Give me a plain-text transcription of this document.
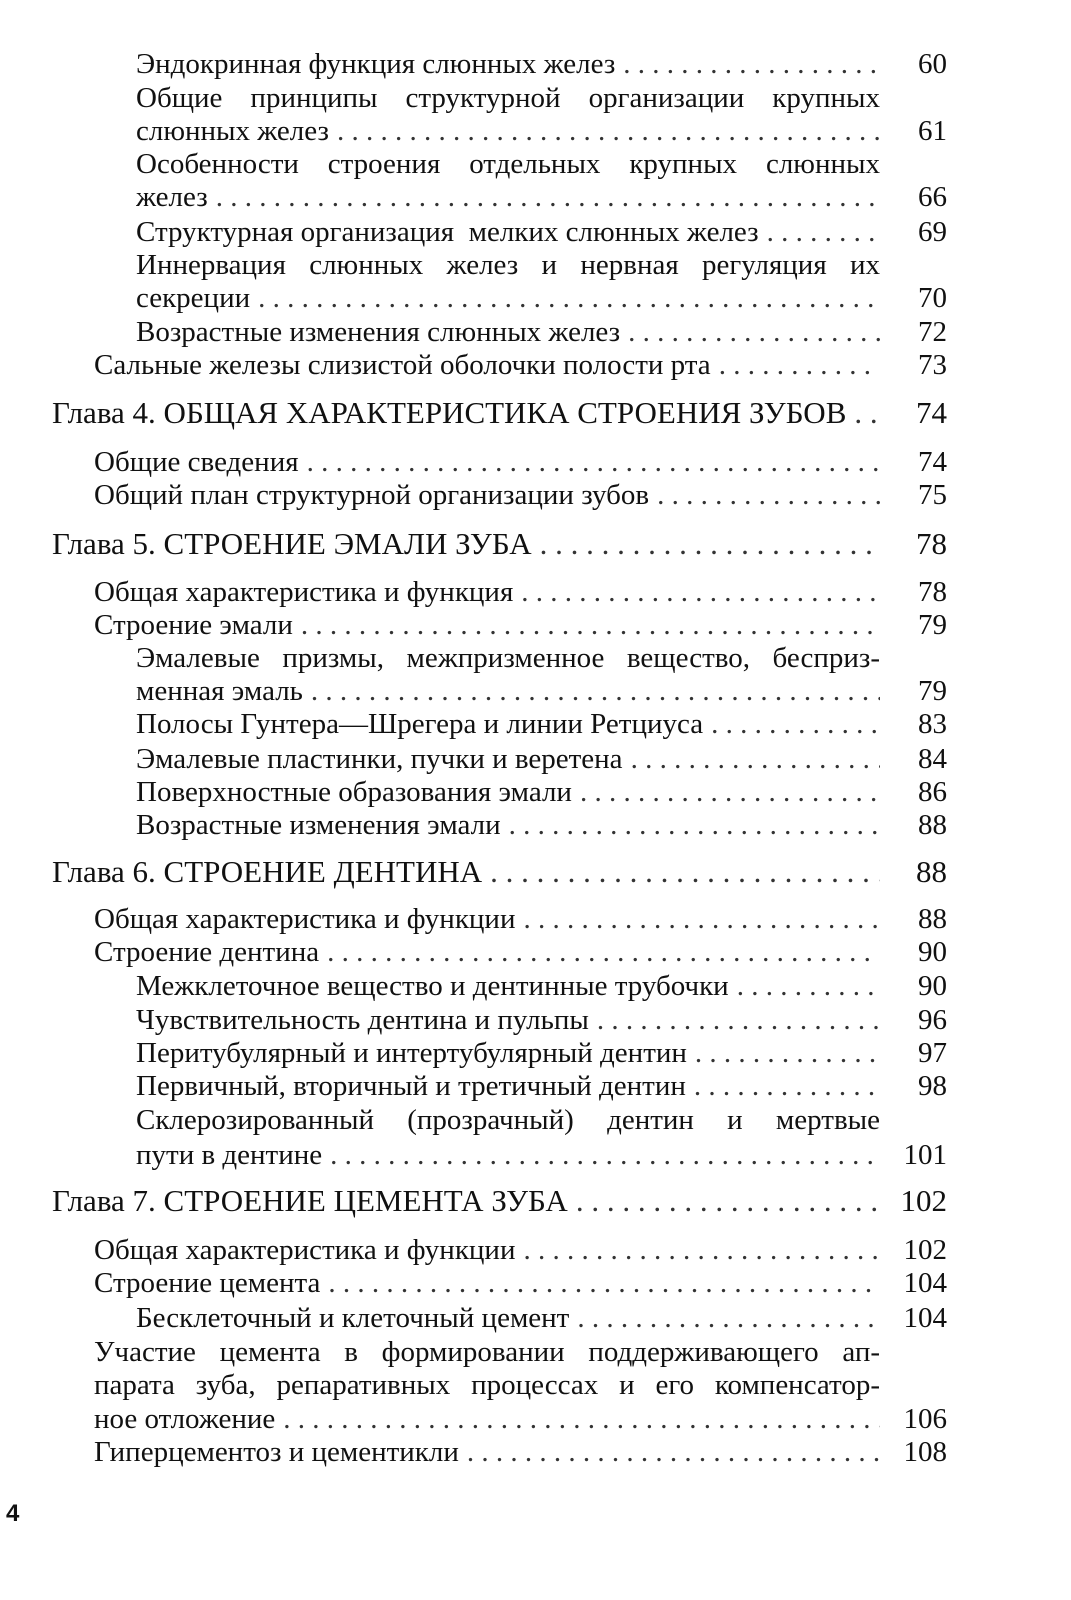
Эндокринная функция слюнных желез . . .	60
Общие принципы структурной организации крупных
слюнных желез . . .	61
Особенности строения отдельных крупных слюнных
желез . . .	66
Структурная организация  мелких слюнных желез . . .	69
Иннервация слюнных желез и нервная регуляция их
секреции . . .	70
Возрастные изменения слюнных желез . . .	72
Сальные железы слизистой оболочки полости рта . . .	73
Глава 4. ОБЩАЯ ХАРАКТЕРИСТИКА СТРОЕНИЯ ЗУБОВ . . . 74
Общие сведения . . .	74
Общий план структурной организации зубов . . .	75
Глава 5. СТРОЕНИЕ ЭМАЛИ ЗУБА . . .	78
Общая характеристика и функция . . .	78
Строение эмали . . .	79
Эмалевые призмы, межпризменное вещество, бесприз-
менная эмаль . . .	79
Полосы Гунтера—Шрегера и линии Ретциуса . . .	83
Эмалевые пластинки, пучки и веретена . . .	84
Поверхностные образования эмали . . .	86
Возрастные изменения эмали . . .	88
Глава 6. СТРОЕНИЕ ДЕНТИНА . . .	88
Общая характеристика и функции . . .	88
Строение дентина . . .	90
Межклеточное вещество и дентинные трубочки . . .	90
Чувствительность дентина и пульпы . . .	96
Перитубулярный и интертубулярный дентин . . .	97
Первичный, вторичный и третичный дентин . . .	98
Склерозированный (прозрачный) дентин и мертвые
пути в дентине . . .	101
Глава 7. СТРОЕНИЕ ЦЕМЕНТА ЗУБА . . .	102
Общая характеристика и функции . . .	102
Строение цемента . . .	104
Бесклеточный и клеточный цемент . . .	104
Участие цемента в формировании поддерживающего ап-
парата зуба, репаративных процессах и его компенсатор-
ное отложение . . .	106
Гиперцементоз и цементикли . . .	108
4
